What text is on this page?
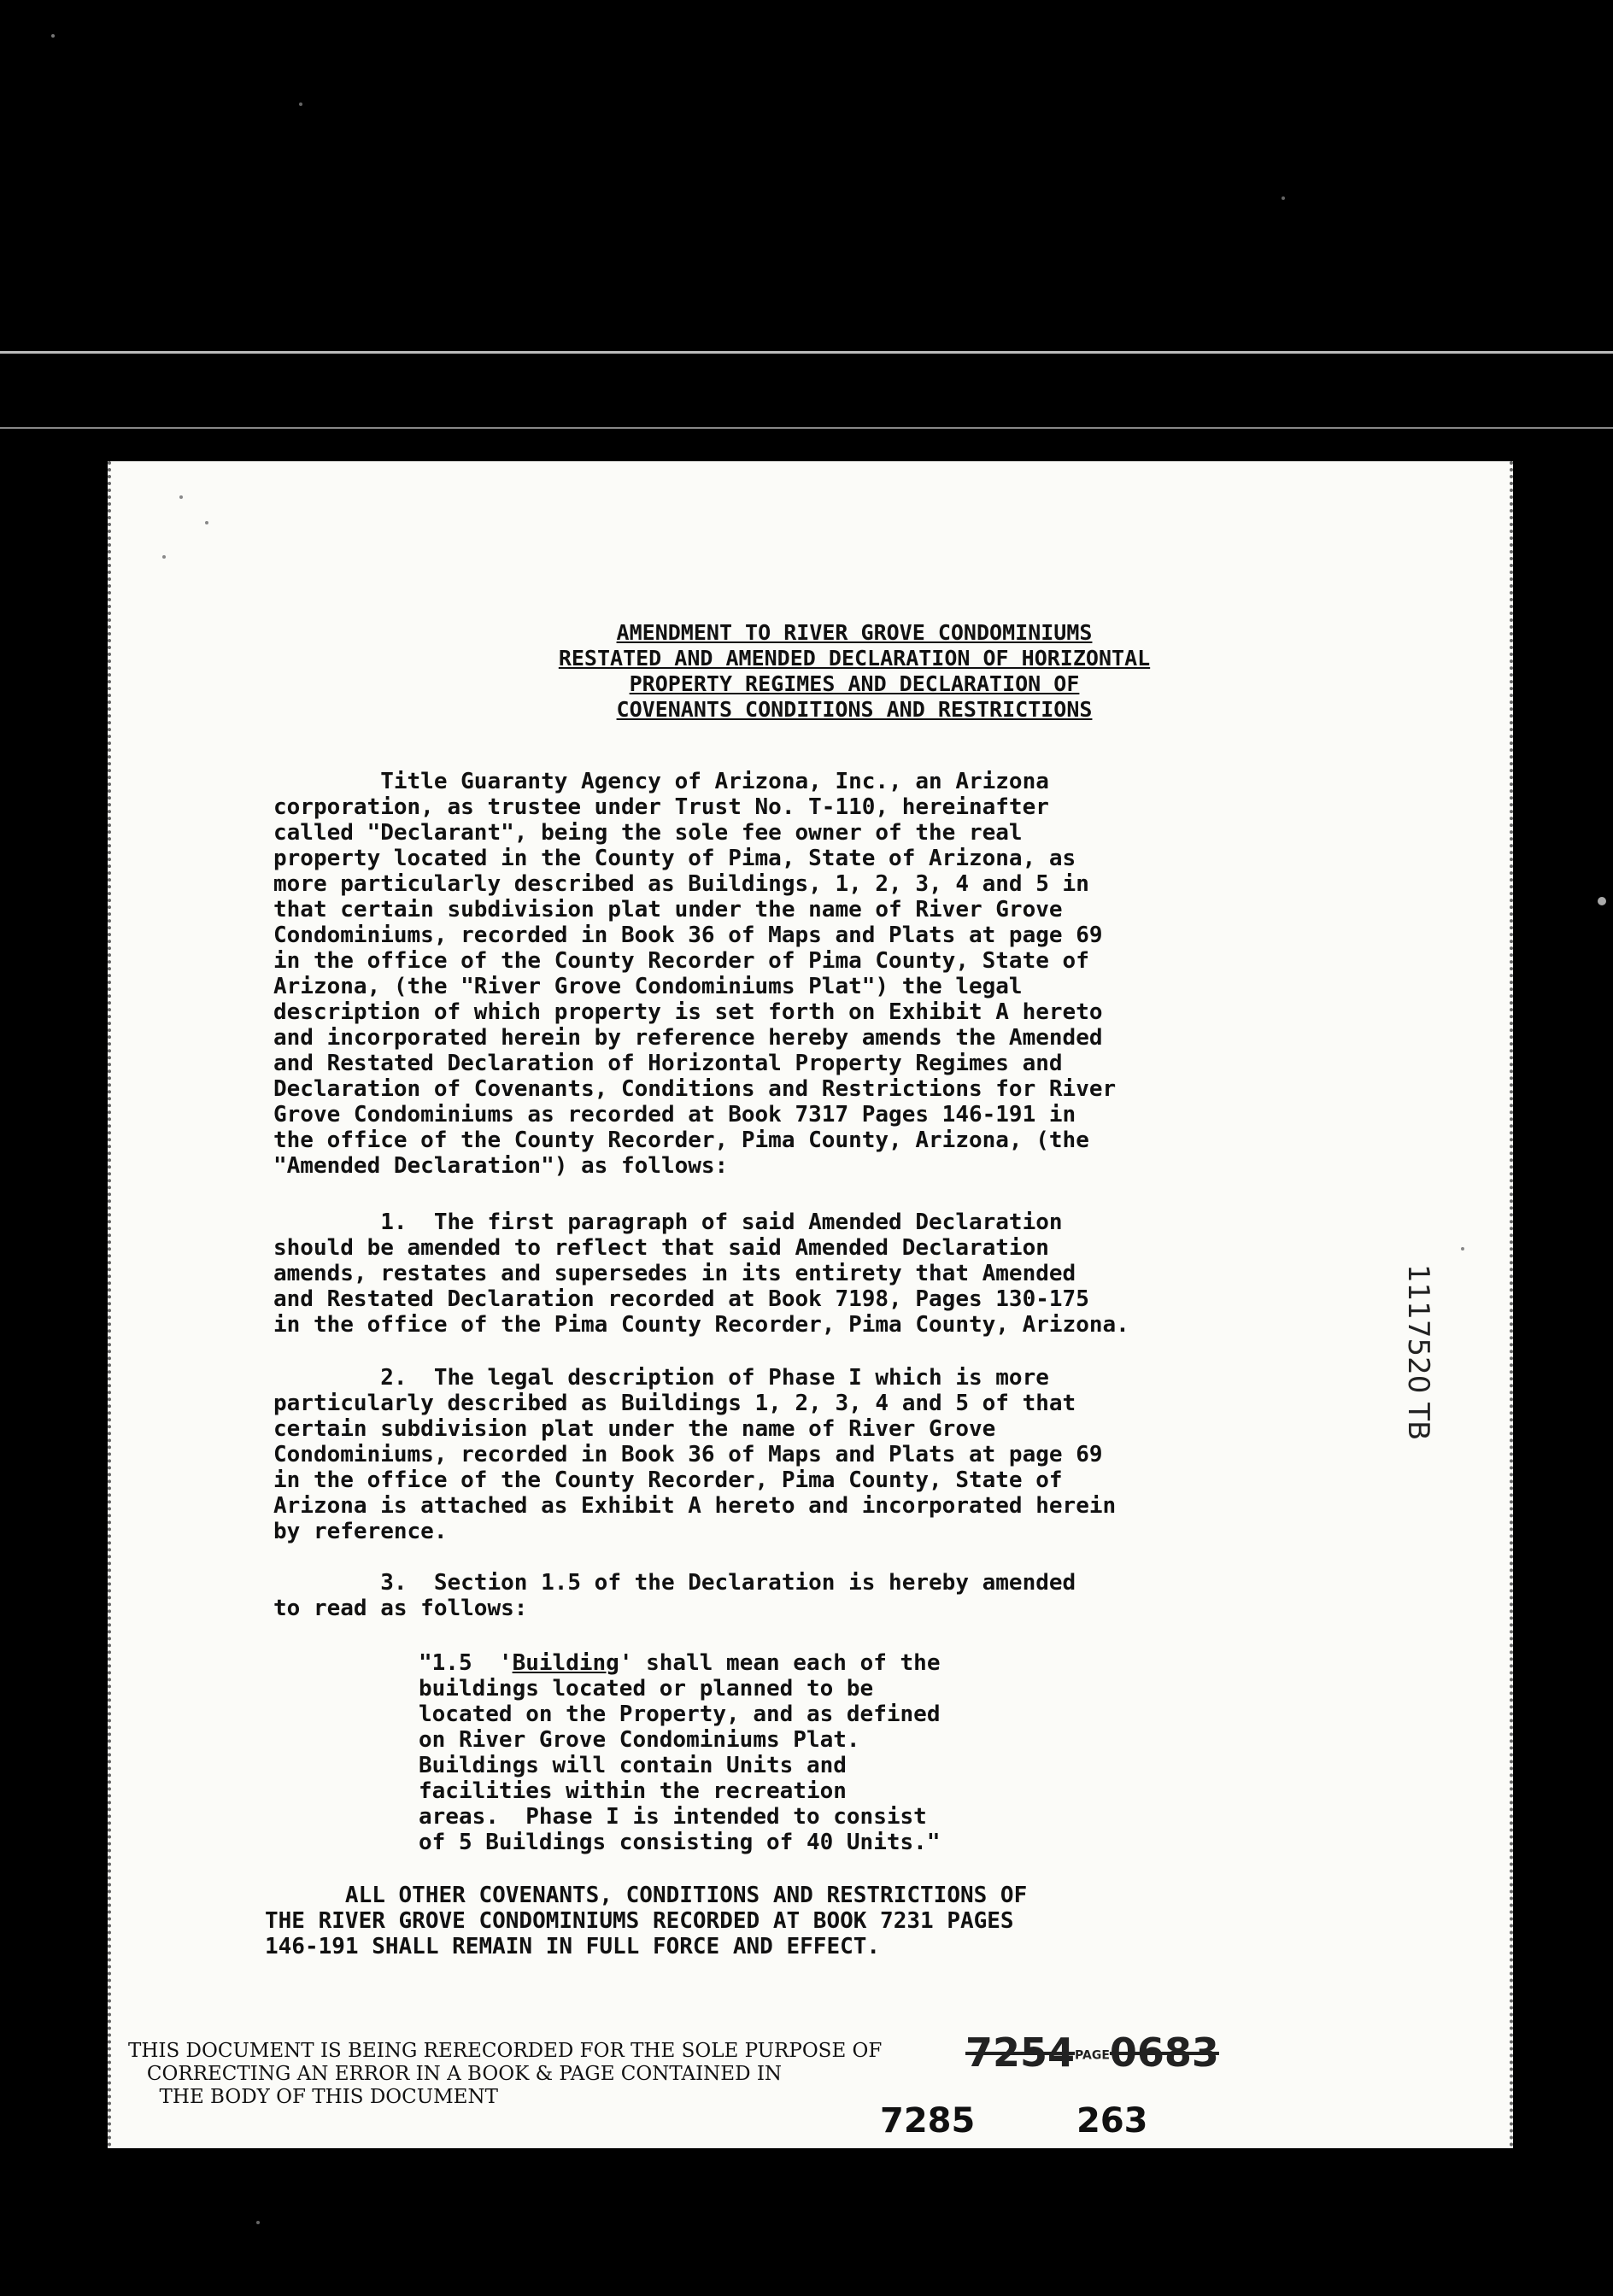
AMENDMENT TO RIVER GROVE CONDOMINIUMS
RESTATED AND AMENDED DECLARATION OF HORIZONTAL
PROPERTY REGIMES AND DECLARATION OF
COVENANTS CONDITIONS AND RESTRICTIONS
Title Guaranty Agency of Arizona, Inc., an Arizona
corporation, as trustee under Trust No. T-110, hereinafter
called "Declarant", being the sole fee owner of the real
property located in the County of Pima, State of Arizona, as
more particularly described as Buildings, 1, 2, 3, 4 and 5 in
that certain subdivision plat under the name of River Grove
Condominiums, recorded in Book 36 of Maps and Plats at page 69
in the office of the County Recorder of Pima County, State of
Arizona, (the "River Grove Condominiums Plat") the legal
description of which property is set forth on Exhibit A hereto
and incorporated herein by reference hereby amends the Amended
and Restated Declaration of Horizontal Property Regimes and
Declaration of Covenants, Conditions and Restrictions for River
Grove Condominiums as recorded at Book 7317 Pages 146-191 in
the office of the County Recorder, Pima County, Arizona, (the
"Amended Declaration") as follows:
1.  The first paragraph of said Amended Declaration
should be amended to reflect that said Amended Declaration
amends, restates and supersedes in its entirety that Amended
and Restated Declaration recorded at Book 7198, Pages 130-175
in the office of the Pima County Recorder, Pima County, Arizona.
2.  The legal description of Phase I which is more
particularly described as Buildings 1, 2, 3, 4 and 5 of that
certain subdivision plat under the name of River Grove
Condominiums, recorded in Book 36 of Maps and Plats at page 69
in the office of the County Recorder, Pima County, State of
Arizona is attached as Exhibit A hereto and incorporated herein
by reference.
3.  Section 1.5 of the Declaration is hereby amended
to read as follows:
"1.5  'Building' shall mean each of the
buildings located or planned to be
located on the Property, and as defined
on River Grove Condominiums Plat.
Buildings will contain Units and
facilities within the recreation
areas.  Phase I is intended to consist
of 5 Buildings consisting of 40 Units."
ALL OTHER COVENANTS, CONDITIONS AND RESTRICTIONS OF
THE RIVER GROVE CONDOMINIUMS RECORDED AT BOOK 7231 PAGES
146-191 SHALL REMAIN IN FULL FORCE AND EFFECT.
THIS DOCUMENT IS BEING RERECORDED FOR THE SOLE PURPOSE OF
CORRECTING AN ERROR IN A BOOK & PAGE CONTAINED IN
THE BODY OF THIS DOCUMENT
7254PAGE0683
7285	263
1117520 TB
